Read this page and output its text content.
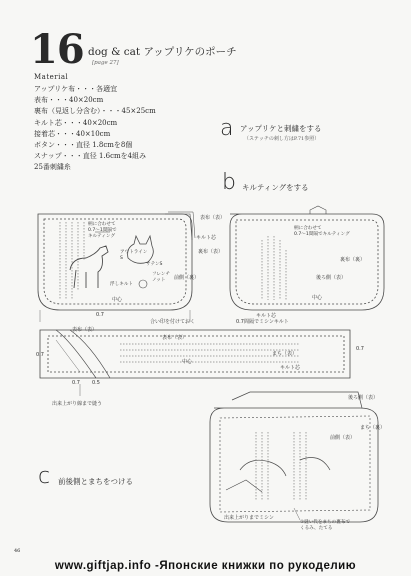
16 dog & cat アップリケのポーチ
[page 27]
Material
アップリケ布・・・各適宜
表布・・・40×20cm
裏布（見返し分含む）・・・45×25cm
キルト芯・・・40×20cm
接着芯・・・40×10cm
ボタン・・・直径 1.8cmを8個
スナップ・・・直径 1.6cmを4組み
25番刺繍糸
a アップリケと刺繍をする
（ステッチの刺し方はP.71参照）
b キルティングをする
c 前後側とまちをつける
柄に合わせて
0.7〜1間隔で
キルティング
アウトライン
S
サテンS
フレンチ
ノット
浮しキルト
中心
表布（表）
キルト芯
裏布（表）
前側（裏）
0.7
柄に合わせて
0.7〜1間隔でキルティング
裏布（裏）
後ろ側（表）
中心
キルト芯
合い印を付けておく	0.7間隔でミシンキルト
表布（表）
表布（表）
まち（表）
中心
キルト芯
0.7
0.7
0.7 0.5
出来上がり線まで縫う
後ろ側（表）
まち（裏）
前側（表）
出来上がりまでミシン
①縫い代をまちの裏布で
くるみ、たてる
46
www.giftjap.info -Японские книжки по рукоделию
